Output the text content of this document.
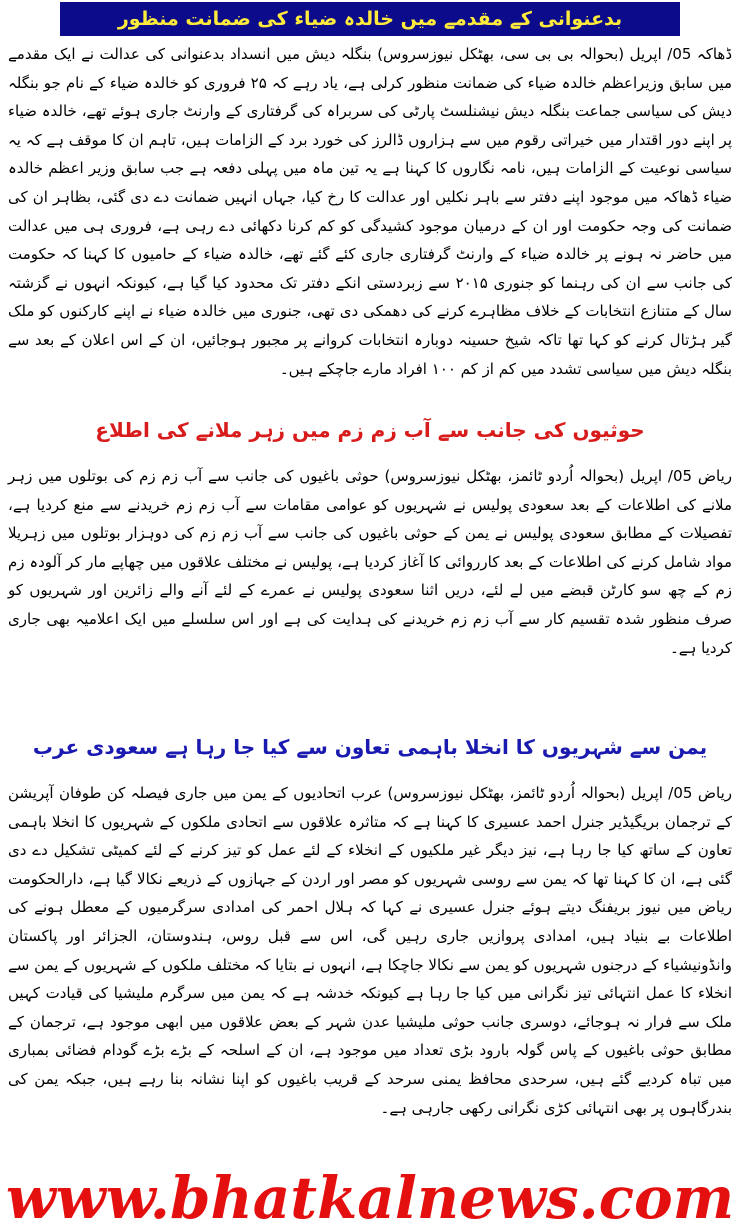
بدعنوانی کے مقدمے میں خالدہ ضیاء کی ضمانت منظور

ڈھاکہ 05/ اپریل (بحوالہ بی بی سی، بھٹکل نیوزسروس) بنگلہ دیش میں انسداد بدعنوانی کی عدالت نے ایک مقدمے میں سابق وزیراعظم خالدہ ضیاء کی ضمانت منظور کرلی ہے، یاد رہے کہ ۲۵ فروری کو خالدہ ضیاء کے نام جو بنگلہ دیش کی سیاسی جماعت بنگلہ دیش نیشنلسٹ پارٹی کی سربراہ کی گرفتاری کے وارنٹ جاری ہوئے تھے، خالدہ ضیاء پر اپنے دور اقتدار میں خیراتی رقوم میں سے ہزاروں ڈالرز کی خورد برد کے الزامات ہیں، تاہم ان کا موقف ہے کہ یہ سیاسی نوعیت کے الزامات ہیں، نامہ نگاروں کا کہنا ہے یہ تین ماہ میں پہلی دفعہ ہے جب سابق وزیر اعظم خالدہ ضیاء ڈھاکہ میں موجود اپنے دفتر سے باہر نکلیں اور عدالت کا رخ کیا، جہاں انہیں ضمانت دے دی گئی، بظاہر ان کی ضمانت کی وجہ حکومت اور ان کے درمیان موجود کشیدگی کو کم کرنا دکھائی دے رہی ہے، فروری ہی میں عدالت میں حاضر نہ ہونے پر خالدہ ضیاء کے وارنٹ گرفتاری جاری کئے گئے تھے، خالدہ ضیاء کے حامیوں کا کہنا کہ حکومت کی جانب سے ان کی رہنما کو جنوری ۲۰۱۵ سے زبردستی انکے دفتر تک محدود کیا گیا ہے، کیونکہ انہوں نے گزشتہ سال کے متنازع انتخابات کے خلاف مظاہرے کرنے کی دھمکی دی تھی، جنوری میں خالدہ ضیاء نے اپنے کارکنوں کو ملک گیر ہڑتال کرنے کو کہا تھا تاکہ شیخ حسینہ دوبارہ انتخابات کروانے پر مجبور ہوجائیں، ان کے اس اعلان کے بعد سے بنگلہ دیش میں سیاسی تشدد میں کم از کم ۱۰۰ افراد مارے جاچکے ہیں۔

حوثیوں کی جانب سے آب زم زم میں زہر ملانے کی اطلاع

ریاض 05/ اپریل (بحوالہ اُردو ٹائمز، بھٹکل نیوزسروس) حوثی باغیوں کی جانب سے آب زم زم کی بوتلوں میں زہر ملانے کی اطلاعات کے بعد سعودی پولیس نے شہریوں کو عوامی مقامات سے آب زم زم خریدنے سے منع کردیا ہے، تفصیلات کے مطابق سعودی پولیس نے یمن کے حوثی باغیوں کی جانب سے آب زم زم کی دوہزار بوتلوں میں زہریلا مواد شامل کرنے کی اطلاعات کے بعد کارروائی کا آغاز کردیا ہے، پولیس نے مختلف علاقوں میں چھاپے مار کر آلودہ زم زم کے چھ سو کارٹن قبضے میں لے لئے، دریں اثنا سعودی پولیس نے عمرے کے لئے آنے والے زائرین اور شہریوں کو صرف منظور شدہ تقسیم کار سے آب زم زم خریدنے کی ہدایت کی ہے اور اس سلسلے میں ایک اعلامیہ بھی جاری کردیا ہے۔

یمن سے شہریوں کا انخلا باہمی تعاون سے کیا جا رہا ہے سعودی عرب

ریاض 05/ اپریل (بحوالہ اُردو ٹائمز، بھٹکل نیوزسروس) عرب اتحادیوں کے یمن میں جاری فیصلہ کن طوفان آپریشن کے ترجمان بریگیڈیر جنرل احمد عسیری کا کہنا ہے کہ متاثرہ علاقوں سے اتحادی ملکوں کے شہریوں کا انخلا باہمی تعاون کے ساتھ کیا جا رہا ہے، نیز دیگر غیر ملکیوں کے انخلاء کے لئے عمل کو تیز کرنے کے لئے کمیٹی تشکیل دے دی گئی ہے، ان کا کہنا تھا کہ یمن سے روسی شہریوں کو مصر اور اردن کے جہازوں کے ذریعے نکالا گیا ہے، دارالحکومت ریاض میں نیوز بریفنگ دیتے ہوئے جنرل عسیری نے کہا کہ ہلال احمر کی امدادی سرگرمیوں کے معطل ہونے کی اطلاعات بے بنیاد ہیں، امدادی پروازیں جاری رہیں گی، اس سے قبل روس، ہندوستان، الجزائر اور پاکستان وانڈونیشیاء کے درجنوں شہریوں کو یمن سے نکالا جاچکا ہے، انہوں نے بتایا کہ مختلف ملکوں کے شہریوں کے یمن سے انخلاء کا عمل انتہائی تیز نگرانی میں کیا جا رہا ہے کیونکہ خدشہ ہے کہ یمن میں سرگرم ملیشیا کی قیادت کہیں ملک سے فرار نہ ہوجائے، دوسری جانب حوثی ملیشیا عدن شہر کے بعض علاقوں میں ابھی موجود ہے، ترجمان کے مطابق حوثی باغیوں کے پاس گولہ بارود بڑی تعداد میں موجود ہے، ان کے اسلحہ کے بڑے بڑے گودام فضائی بمباری میں تباہ کردیے گئے ہیں، سرحدی محافظ یمنی سرحد کے قریب باغیوں کو اپنا نشانہ بنا رہے ہیں، جبکہ یمن کی بندرگاہوں پر بھی انتہائی کڑی نگرانی رکھی جارہی ہے۔

www.bhatkalnews.com
